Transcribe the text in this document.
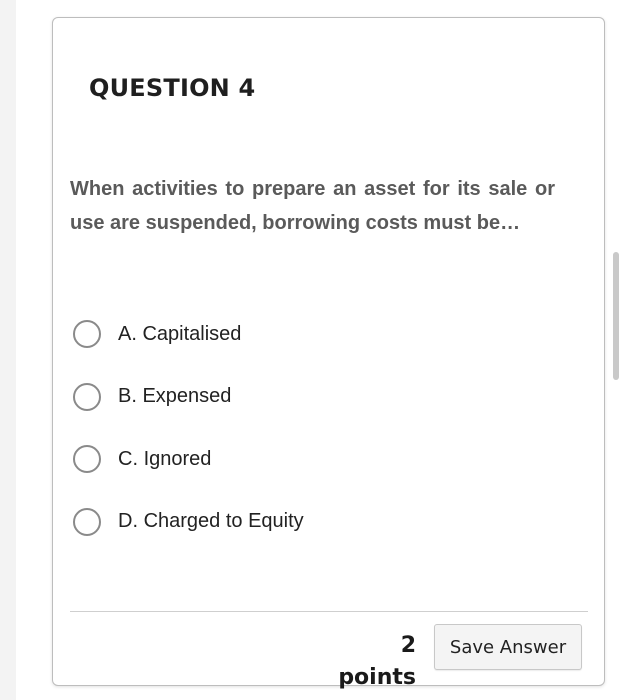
QUESTION 4
When activities to prepare an asset for its sale or use are suspended, borrowing costs must be…
A. Capitalised
B. Expensed
C. Ignored
D. Charged to Equity
2 points
Save Answer
